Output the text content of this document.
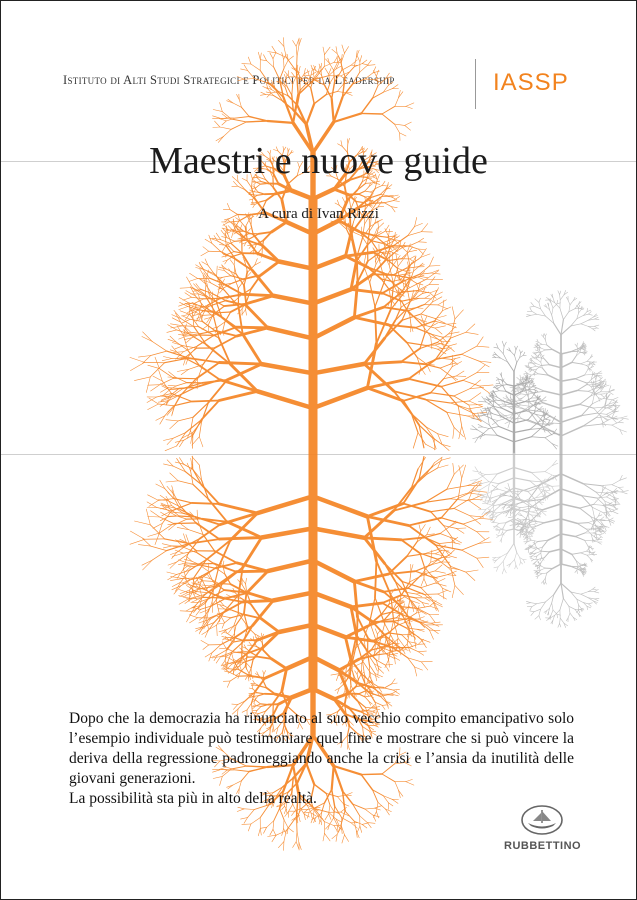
Istituto di Alti Studi Strategici e Politici per la Leadership	IASSP
Maestri e nuove guide
A cura di Ivan Rizzi

Dopo che la democrazia ha rinunciato al suo vecchio compito emancipativo solo l’esempio individuale può testimoniare quel fine e mostrare che si può vincere la deriva della regressione padroneggiando anche la crisi e l’ansia da inutilità delle giovani generazioni.

La possibilità sta più in alto della realtà.

RUBBETTINO
